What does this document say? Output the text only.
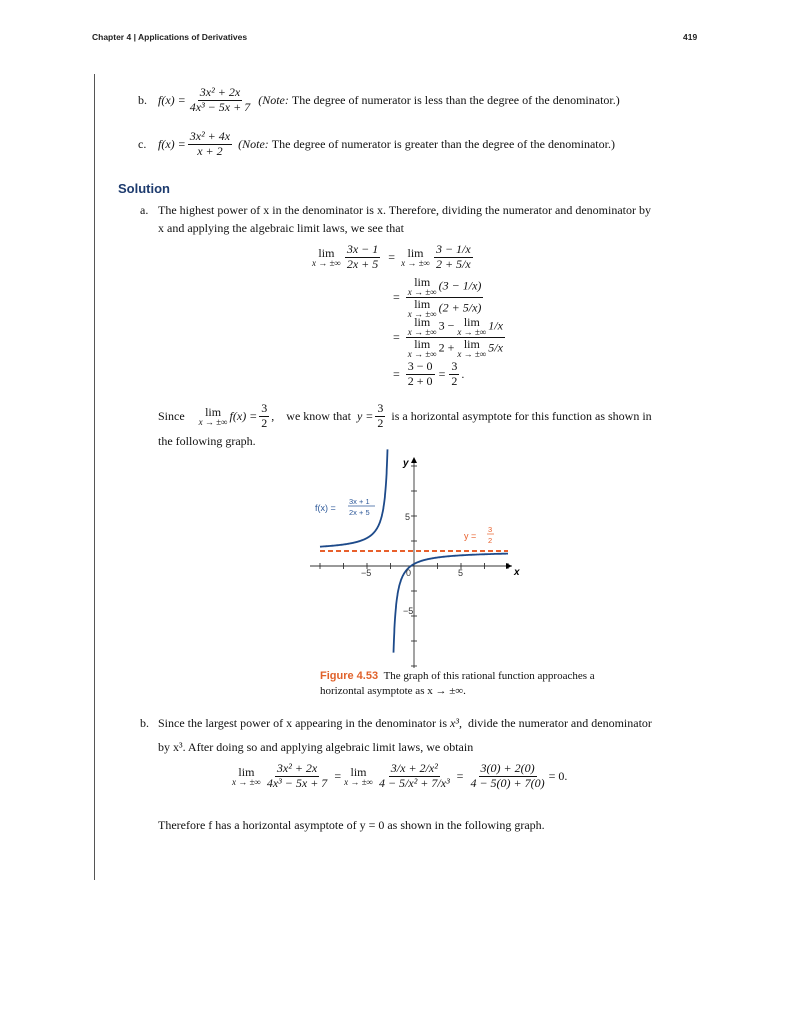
Chapter 4 | Applications of Derivatives	419
b. $f(x) = \frac{\text{3x² + 2x}}{\text{4x³ − 5x + 7}}$ (Note:
The degree of numerator is less than the degree of the denominator.)
c. $f(x) = \frac{\text{3x² + 4x}}{x + 2}$ (Note:
The degree of numerator is greater than the degree of the denominator.)
Solution
a. The highest power of x in the denominator is x. Therefore, dividing the numerator and denominator by
x and applying the algebraic limit laws, we see that
lim
x → ±∞ $\frac{3x - 1}{2x + 5} = \lim$
x → ±∞ $\frac{3 - 1/x}{2 + 5/x}$
= lim
x → ±∞ (3 − 1/x)
lim
x → ±∞ (2 + 5/x)
= lim
x → ±∞ 3 − lim
x → ±∞ 1/x
lim
x → ±∞ 2 + lim
x → ±∞ 5/x
= $\frac{3 - 0}{2 + 0} = \frac{3}{2}$ .
Since lim
x → ±∞ $f(x) = \frac{3}{2}$ , we know that $y = \frac{3}{2}$ is a horizontal asymptote for this function as shown in
the following graph.
y
x
−5	5
0
5
−5
f(x) =
3x + 1
2x + 5
y =
3
2
Figure 4.53 The graph of this rational function approaches a
horizontal asymptote as x → ±∞.
b. Since the largest power of x appearing in the denominator is x³, divide the numerator and denominator
by x³. After doing so and applying algebraic limit laws, we obtain
lim
x → ±∞ $\frac{\text{3x² + 2x}}{\text{4x³ − 5x + 7}} = \lim$
x → ±∞ $\frac{\text{3/x + 2/x²}}{\text{4 − 5/x² + 7/x³}} = \frac{3(0) + 2(0)}{4 - 5(0) + 7(0)} = 0$.
Therefore f has a horizontal asymptote of y = 0 as shown in the following graph.
